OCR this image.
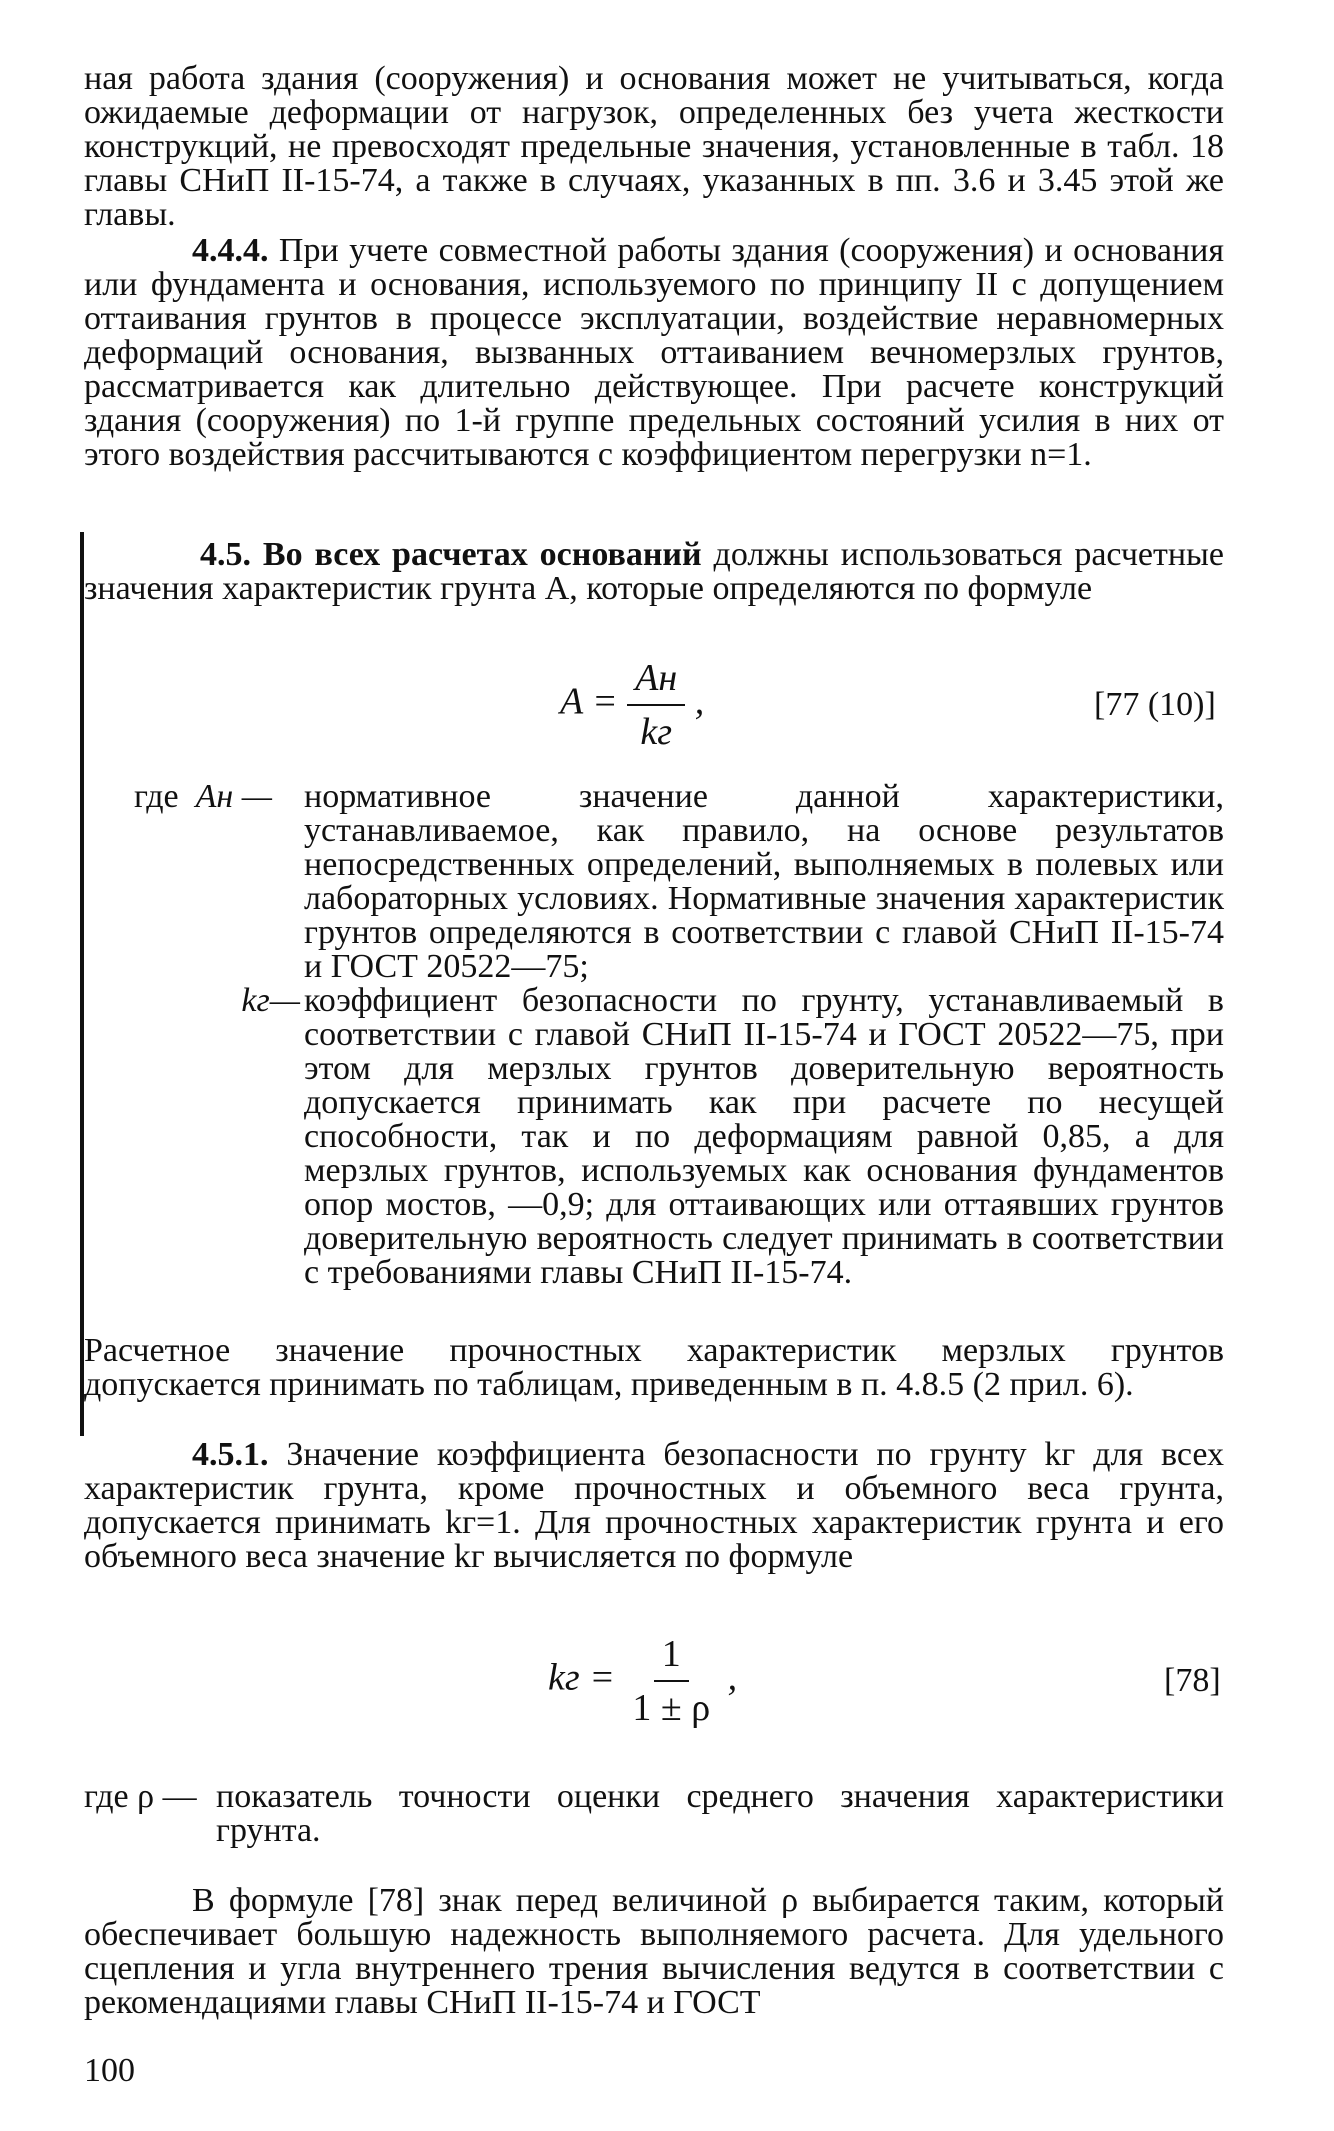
ная работа здания (сооружения) и основания может не учитываться, когда ожидаемые деформации от нагрузок, определенных без учета жесткости конструкций, не превосходят предельные значения, установленные в табл. 18 главы СНиП II-15-74, а также в случаях, указанных в пп. 3.6 и 3.45 этой же главы.

4.4.4. При учете совместной работы здания (сооружения) и основания или фундамента и основания, используемого по принципу II с допущением оттаивания грунтов в процессе эксплуатации, воздействие неравномерных деформаций основания, вызванных оттаиванием вечномерзлых грунтов, рассматривается как длительно действующее. При расчете конструкций здания (сооружения) по 1-й группе предельных состояний усилия в них от этого воздействия рассчитываются с коэффициентом перегрузки n=1.

4.5. Во всех расчетах оснований должны использоваться расчетные значения характеристик грунта А, которые определяются по формуле

$A = \frac{Aн}{kг}$ ,	[77 (10)]
где Aн — нормативное значение данной характеристики, устанавливаемое, как правило, на основе результатов непосредственных определений, выполняемых в полевых или лабораторных условиях. Нормативные значения характеристик грунтов определяются в соответствии с главой СНиП II-15-74 и ГОСТ 20522—75;
kг— коэффициент безопасности по грунту, устанавливаемый в соответствии с главой СНиП II-15-74 и ГОСТ 20522—75, при этом для мерзлых грунтов доверительную вероятность допускается принимать как при расчете по несущей способности, так и по деформациям равной 0,85, а для мерзлых грунтов, используемых как основания фундаментов опор мостов, —0,9; для оттаивающих или оттаявших грунтов доверительную вероятность следует принимать в соответствии с требованиями главы СНиП II-15-74.

Расчетное значение прочностных характеристик мерзлых грунтов допускается принимать по таблицам, приведенным в п. 4.8.5 (2 прил. 6).

4.5.1. Значение коэффициента безопасности по грунту kг для всех характеристик грунта, кроме прочностных и объемного веса грунта, допускается принимать kг=1. Для прочностных характеристик грунта и его объемного веса значение kг вычисляется по формуле

kг = $\frac{1}{1 \pm \rho}$ ,	[78]
где ρ — показатель точности оценки среднего значения характеристики грунта.

В формуле [78] знак перед величиной ρ выбирается таким, который обеспечивает большую надежность выполняемого расчета. Для удельного сцепления и угла внутреннего трения вычисления ведутся в соответствии с рекомендациями главы СНиП II-15-74 и ГОСТ

100
